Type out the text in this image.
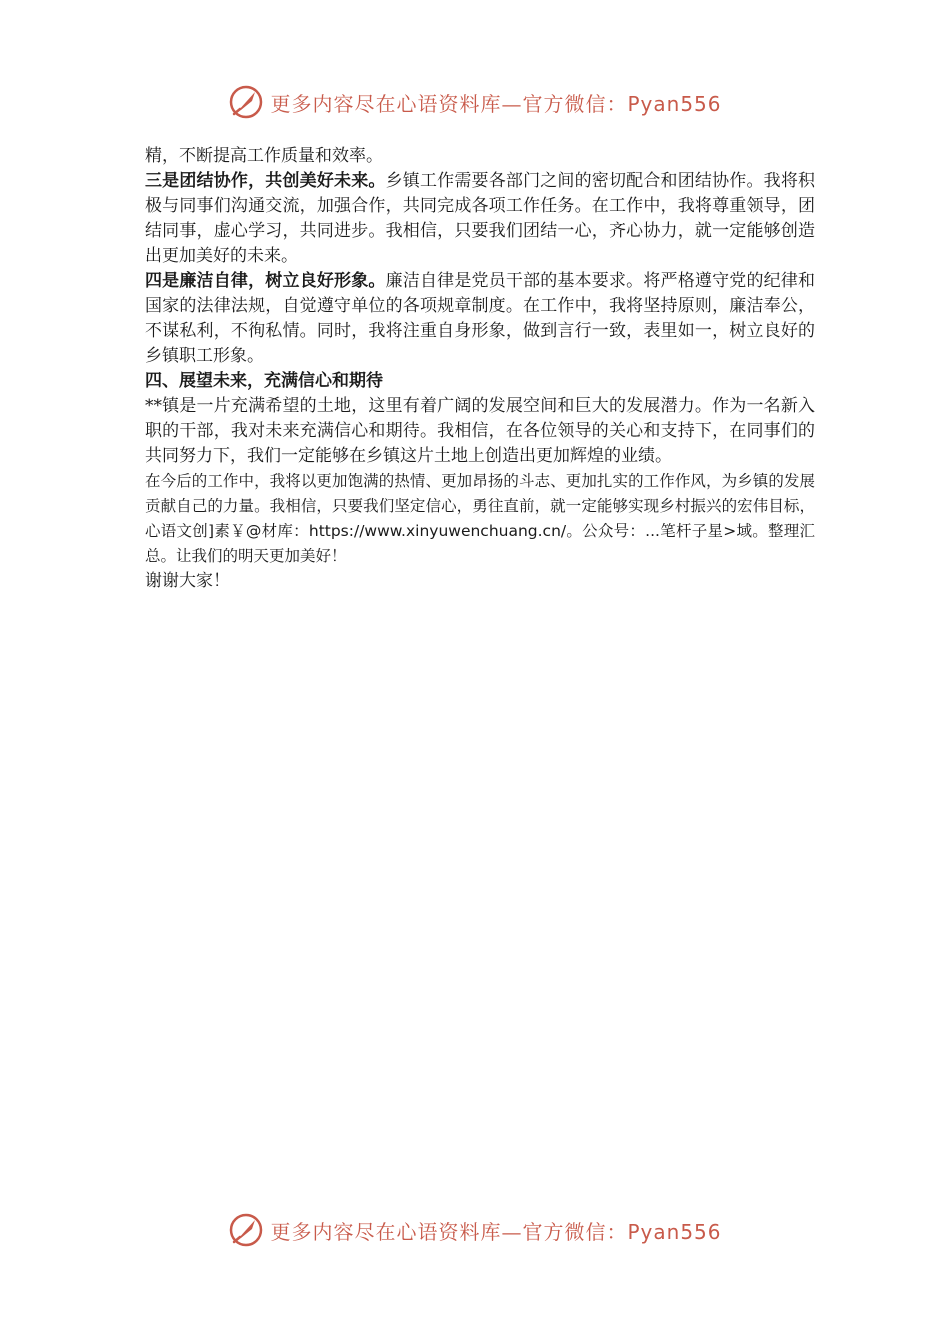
更多内容尽在心语资料库—官方微信：Pyan556

精，不断提高工作质量和效率。

三是团结协作，共创美好未来。乡镇工作需要各部门之间的密切配合和团结协作。我将积极与同事们沟通交流，加强合作，共同完成各项工作任务。在工作中，我将尊重领导，团结同事，虚心学习，共同进步。我相信，只要我们团结一心，齐心协力，就一定能够创造出更加美好的未来。

四是廉洁自律，树立良好形象。廉洁自律是党员干部的基本要求。将严格遵守党的纪律和国家的法律法规，自觉遵守单位的各项规章制度。在工作中，我将坚持原则，廉洁奉公，不谋私利，不徇私情。同时，我将注重自身形象，做到言行一致，表里如一，树立良好的乡镇职工形象。

四、展望未来，充满信心和期待

**镇是一片充满希望的土地，这里有着广阔的发展空间和巨大的发展潜力。作为一名新入职的干部，我对未来充满信心和期待。我相信，在各位领导的关心和支持下，在同事们的共同努力下，我们一定能够在乡镇这片土地上创造出更加辉煌的业绩。

在今后的工作中，我将以更加饱满的热情、更加昂扬的斗志、更加扎实的工作作风，为乡镇的发展贡献自己的力量。我相信，只要我们坚定信心，勇往直前，就一定能够实现乡村振兴的宏伟目标，心语文创]素￥@材库：https://www.xinyuwenchuang.cn/。公众号：...笔杆子星>域。整理汇总。让我们的明天更加美好！

谢谢大家！

更多内容尽在心语资料库—官方微信：Pyan556
